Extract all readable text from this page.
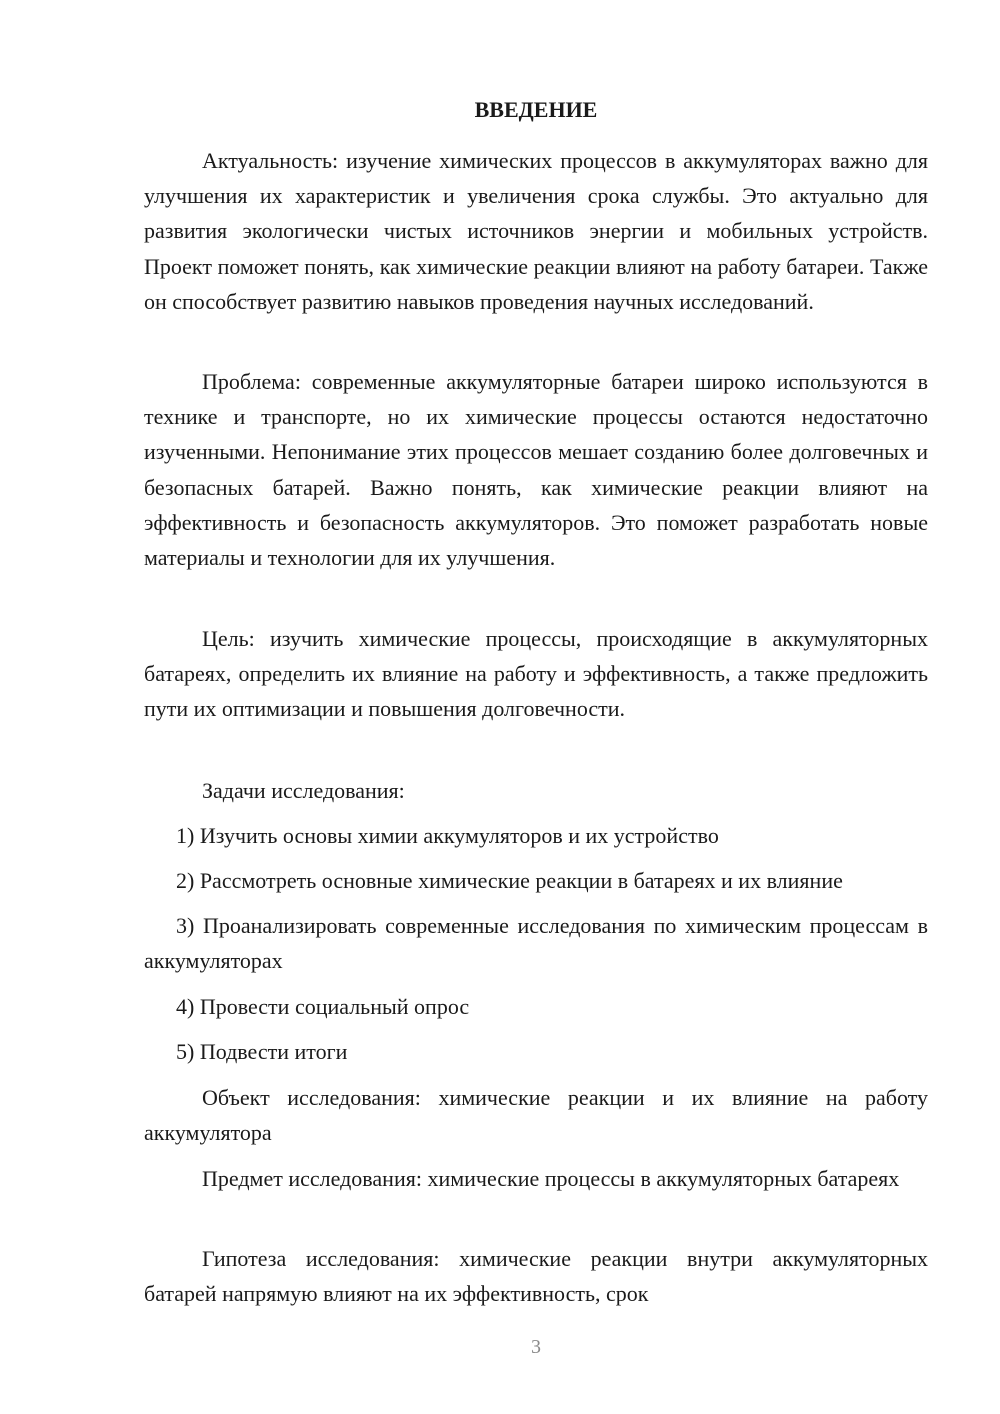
ВВЕДЕНИЕ

Актуальность: изучение химических процессов в аккумуляторах важно для улучшения их характеристик и увеличения срока службы. Это актуально для развития экологически чистых источников энергии и мобильных устройств. Проект поможет понять, как химические реакции влияют на работу батареи. Также он способствует развитию навыков проведения научных исследований.

Проблема: современные аккумуляторные батареи широко используются в технике и транспорте, но их химические процессы остаются недостаточно изученными. Непонимание этих процессов мешает созданию более долговечных и безопасных батарей. Важно понять, как химические реакции влияют на эффективность и безопасность аккумуляторов. Это поможет разработать новые материалы и технологии для их улучшения.

Цель: изучить химические процессы, происходящие в аккумуляторных батареях, определить их влияние на работу и эффективность, а также предложить пути их оптимизации и повышения долговечности.

Задачи исследования:

1) Изучить основы химии аккумуляторов и их устройство

2) Рассмотреть основные химические реакции в батареях и их влияние

3) Проанализировать современные исследования по химическим процессам в аккумуляторах

4) Провести социальный опрос

5) Подвести итоги

Объект исследования: химические реакции и их влияние на работу аккумулятора

Предмет исследования: химические процессы в аккумуляторных батареях

Гипотеза исследования: химические реакции внутри аккумуляторных батарей напрямую влияют на их эффективность, срок

3
